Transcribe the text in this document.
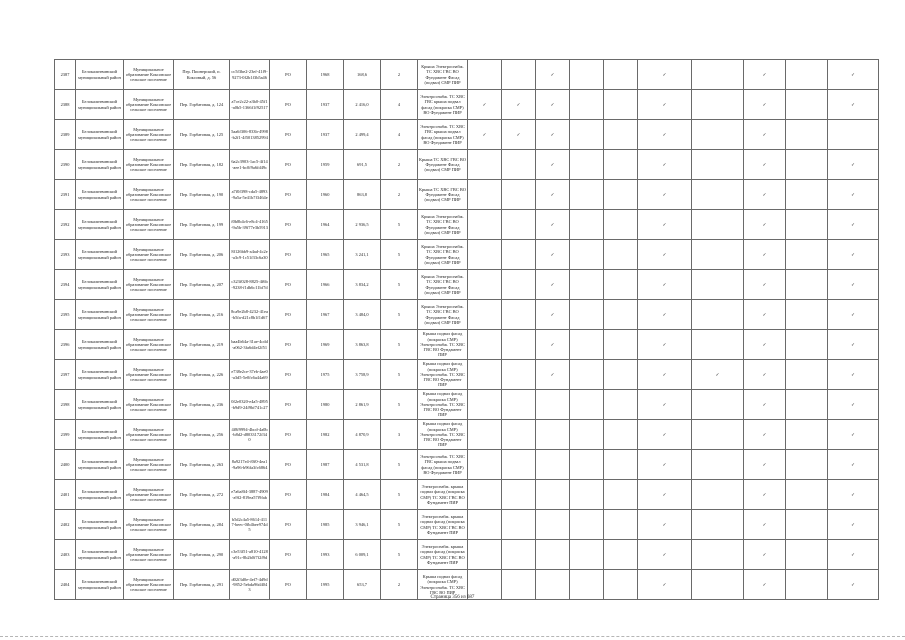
2387	Белокалитвинский муниципальный район	Муниципальное образование Коксовское сельское поселение	Пер. Пионерский, п. Коксовый, д. 56	cc5f3be2-23ef-41f9-9273-0f2b1f3b5a46	РО	1968	168,6	2	Крыша Электроснабж. ТС ХВС ГВС ВО Фундамент Фасад (подвал) СМР ПИР			✓			✓		✓		✓
2388	Белокалитвинский муниципальный район	Муниципальное образование Коксовское сельское поселение	Пер. Горбатовая, д. 124	a7ce2c22-a3b0-45f1-a0b5-1366f1f92517	РО	1937	2 416,0	4	Электроснабж. ТС ХВС ГВС крыша подвал фасад (покраска СМР) ВО Фундамент ПИР	✓	✓	✓			✓		✓		✓
2389	Белокалитвинский муниципальный район	Муниципальное образование Коксовское сельское поселение	Пер. Горбатовая, д. 125	5aa6f306-833b-4998-b2f1-4f5013852994	РО	1937	2 499,4	4	Электроснабж. ТС ХВС ГВС крыша подвал фасад (покраска СМР) ВО Фундамент ПИР	✓	✓	✓			✓		✓		
2390	Белокалитвинский муниципальный район	Муниципальное образование Коксовское сельское поселение	Пер. Горбатовая, д. 182	6a2c3903-1ac5-4f14-aee1-bc0f9a6fd49c	РО	1959	691,5	2	Крыша ТС ХВС ГВС ВО Фундамент Фасад (подвал) СМР ПИР			✓			✓		✓		✓
2391	Белокалитвинский муниципальный район	Муниципальное образование Коксовское сельское поселение	Пер. Горбатовая, д. 190	a7f0f398-cda5-4893-9a5a-5e41b7f3464e	РО	1960	863,8	2	Крыша ТС ХВС ГВС ВО Фундамент Фасад (подвал) СМР ПИР			✓			✓		✓		✓
2392	Белокалитвинский муниципальный район	Муниципальное образование Коксовское сельское поселение	Пер. Горбатовая, д. 199	f0b8b4c6-e8c4-4165-9a5b-39f77e3b5913	РО	1964	2 936,5	5	Крыша Электроснабж. ТС ХВС ГВС ВО Фундамент Фасад (подвал) СМР ПИР			✓			✓		✓		✓
2393	Белокалитвинский муниципальный район	Муниципальное образование Коксовское сельское поселение	Пер. Горбатовая, д. 206	8f126bb9-a4ad-4c2e-a3c9-1c51f33c6a30	РО	1965	3 241,1	5	Крыша Электроснабж. ТС ХВС ГВС ВО Фундамент Фасад (подвал) СМР ПИР			✓			✓		✓		✓
2394	Белокалитвинский муниципальный район	Муниципальное образование Коксовское сельское поселение	Пер. Горбатовая, д. 207	c323f028-8825-4f6b-9238-f1db6c11bf7d	РО	1966	3 834,2	5	Крыша Электроснабж. ТС ХВС ГВС ВО Фундамент Фасад (подвал) СМР ПИР			✓			✓		✓		✓
2395	Белокалитвинский муниципальный район	Муниципальное образование Коксовское сельское поселение	Пер. Горбатовая, д. 216	8ca9e2b8-4232-41ea-b5fa-d21c8b1f1d67	РО	1967	3 484,0	5	Крыша Электроснабж. ТС ХВС ГВС ВО Фундамент Фасад (подвал) СМР ПИР			✓			✓		✓		✓
2396	Белокалитвинский муниципальный район	Муниципальное образование Коксовское сельское поселение	Пер. Горбатовая, д. 219	baa4b64a-31ae-4cdd-a062-3fa6d4ef2f51	РО	1969	3 863,8	5	Крыша подвал фасад (покраска СМР) Электроснабж. ТС ХВС ГВС ВО Фундамент ПИР			✓			✓		✓		✓
2397	Белокалитвинский муниципальный район	Муниципальное образование Коксовское сельское поселение	Пер. Горбатовая, д. 226	e738e2ce-37eb-4ae0-a3d5-5e0fc6a44a69	РО	1975	3 758,9	5	Крыша подвал фасад (покраска СМР) Электроснабж. ТС ХВС ГВС ВО Фундамент ПИР			✓			✓	✓	✓		✓
2398	Белокалитвинский муниципальный район	Муниципальное образование Коксовское сельское поселение	Пер. Горбатовая, д. 236	0f2e0320-e4a5-4895-b9d9-24f9bf741c27	РО	1980	2 861,9	5	Крыша подвал фасад (покраска СМР) Электроснабж. ТС ХВС ГВС ВО Фундамент ПИР						✓		✓		✓
2399	Белокалитвинский муниципальный район	Муниципальное образование Коксовское сельское поселение	Пер. Горбатовая, д. 256	4f8f9994-4bcd-4a0b-b8d2-d8033172f340	РО	1982	4 870,9	3	Крыша подвал фасад (покраска СМР) Электроснабж. ТС ХВС ГВС ВО Фундамент ПИР						✓		✓		✓
2400	Белокалитвинский муниципальный район	Муниципальное образование Коксовское сельское поселение	Пер. Горбатовая, д. 263	8a9217e4-f0f0-4ea1-9a96-b96fa3fc6864	РО	1987	4 531,8	5	Электроснабж. ТС ХВС ГВС крыша подвал фасад (покраска СМР) ВО Фундамент ПИР						✓		✓		✓
2401	Белокалитвинский муниципальный район	Муниципальное образование Коксовское сельское поселение	Пер. Горбатовая, д. 272	e7a6a8f4-3887-4909-a9f2-819ea57f9fab	РО	1984	4 464,5	5	Электроснабж. крыша подвал фасад (покраска СМР) ТС ХВС ГВС ВО Фундамент ПИР						✓		✓		✓
2402	Белокалитвинский муниципальный район	Муниципальное образование Коксовское сельское поселение	Пер. Горбатовая, д. 284	b5d2c4a5-8614-4117-beec-0fb4bee974d5	РО	1985	3 946,1	5	Электроснабж. крыша подвал фасад (покраска СМР) ТС ХВС ГВС ВО Фундамент ПИР						✓		✓		✓
2403	Белокалитвинский муниципальный район	Муниципальное образование Коксовское сельское поселение	Пер. Горбатовая, д. 290	c3e53f51-a810-4128-a91c-8b2b0f7f2f9d	РО	1993	6 009,1	5	Электроснабж. крыша подвал фасад (покраска СМР) ТС ХВС ГВС ВО Фундамент ПИР						✓		✓		✓
2404	Белокалитвинский муниципальный район	Муниципальное образование Коксовское сельское поселение	Пер. Горбатовая, д. 291	d02f3d0e-4ef7-4d9d-9852-5ebda96d4043	РО	1995	653,7	2	Крыша подвал фасад (покраска СМР) Электроснабж. ТС ХВС ГВС ВО ПИР						✓		✓		✓
Страница 356 из 687
